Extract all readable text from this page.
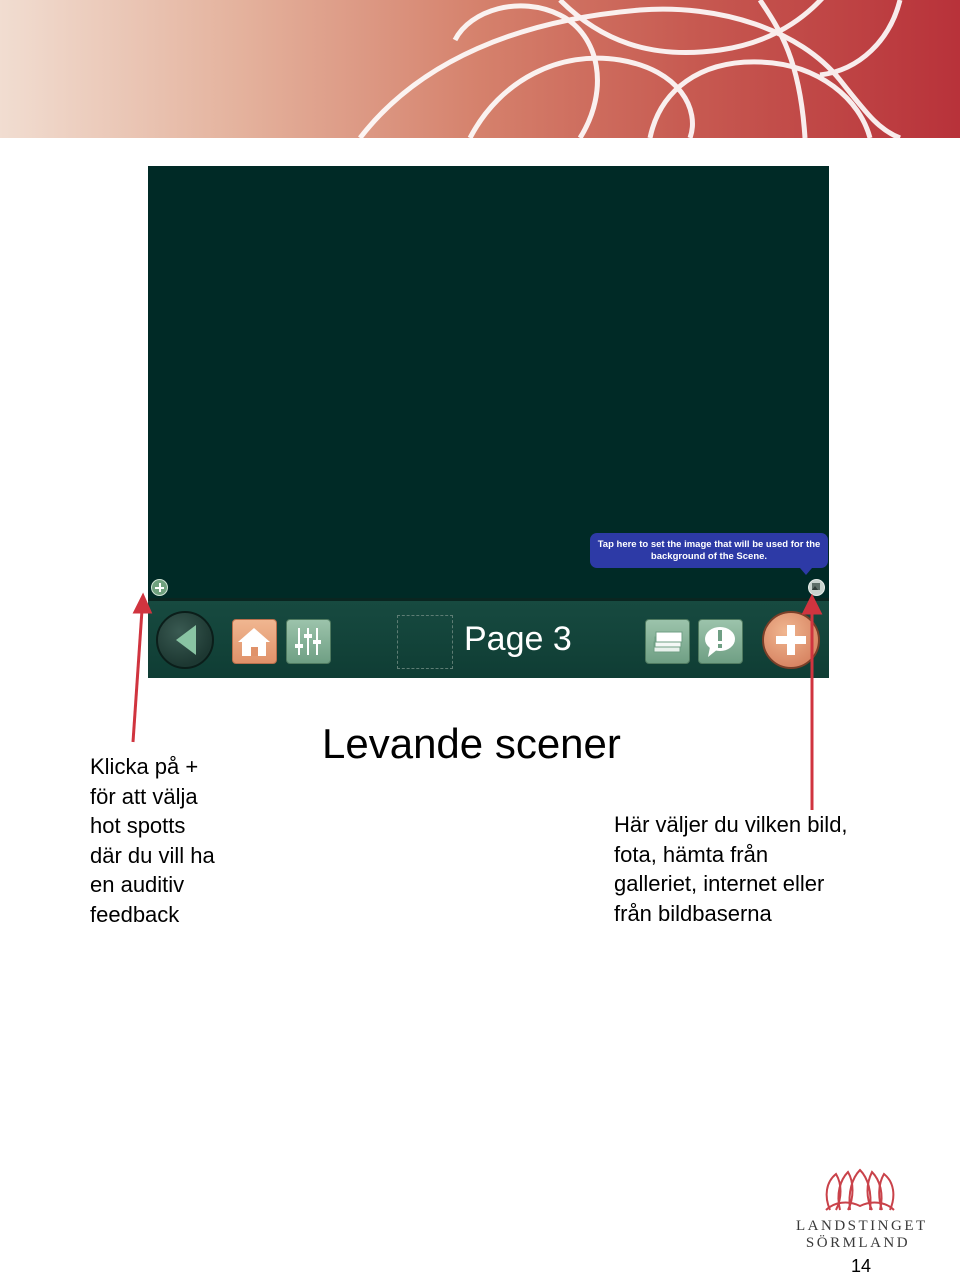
Tap here to set the image that will be used for the
background of the Scene.
Page 3
Levande scener
Klicka på +
för att välja
hot spotts
där du vill ha
en auditiv
feedback
Här väljer du vilken bild,
fota, hämta från
galleriet, internet eller
från bildbaserna
LANDSTINGET
SÖRMLAND
14
